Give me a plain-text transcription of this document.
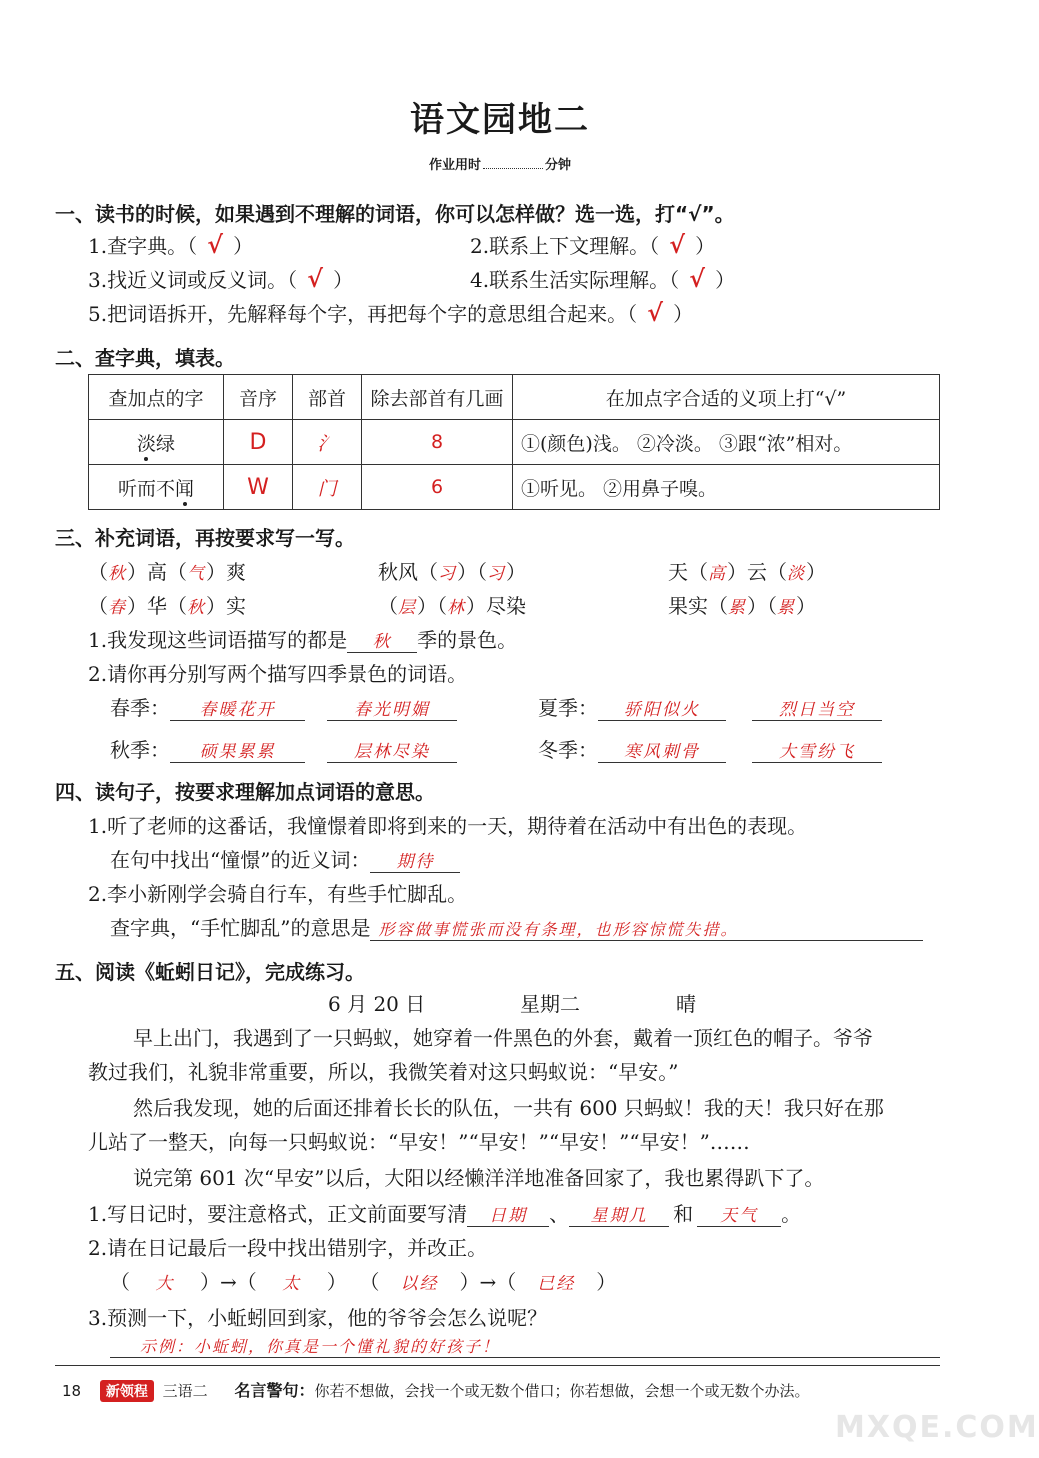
语文园地二
作业用时	分钟
一、读书的时候，如果遇到不理解的词语，你可以怎样做？选一选，打“√”。
1.查字典。（ √ ）	2.联系上下文理解。（ √ ）
3.找近义词或反义词。（ √ ）	4.联系生活实际理解。（ √ ）
5.把词语拆开，先解释每个字，再把每个字的意思组合起来。（ √ ）
二、查字典，填表。
查加点的字	音序	部首	除去部首有几画	在加点字合适的义项上打“√”
淡绿	D	氵	8	①(颜色)浅。 ②冷淡。 ③跟“浓”相对。
听而不闻	W	门	6	①听见。 ②用鼻子嗅。
三、补充词语，再按要求写一写。
（秋）高（气）爽	秋风（习）（习）	天（高）云（淡）
（春）华（秋）实	（层）（林）尽染	果实（累）（累）
1.我发现这些词语描写的都是 秋 季的景色。
2.请你再分别写两个描写四季景色的词语。
春季： 春暖花开	春光明媚	夏季： 骄阳似火	烈日当空
秋季： 硕果累累	层林尽染	冬季： 寒风刺骨	大雪纷飞
四、读句子，按要求理解加点词语的意思。
1.听了老师的这番话，我憧憬着即将到来的一天，期待着在活动中有出色的表现。
在句中找出“憧憬”的近义词： 期待
2.李小新刚学会骑自行车，有些手忙脚乱。
查字典，“手忙脚乱”的意思是 形容做事慌张而没有条理，也形容惊慌失措。
五、阅读《蚯蚓日记》，完成练习。
6 月 20 日	星期二	晴
早上出门，我遇到了一只蚂蚁，她穿着一件黑色的外套，戴着一顶红色的帽子。爷爷
教过我们，礼貌非常重要，所以，我微笑着对这只蚂蚁说：“早安。”
然后我发现，她的后面还排着长长的队伍，一共有 600 只蚂蚁！我的天！我只好在那
儿站了一整天，向每一只蚂蚁说：“早安！”“早安！”“早安！”“早安！”……
说完第 601 次“早安”以后，大阳以经懒洋洋地准备回家了，我也累得趴下了。
1.写日记时，要注意格式，正文前面要写清 日期 、 星期几 和 天气 。
2.请在日记最后一段中找出错别字，并改正。
（ 大 ）→（ 太 ）  （ 以经 ）→（ 已经 ）
3.预测一下，小蚯蚓回到家，他的爷爷会怎么说呢？
示例：小蚯蚓，你真是一个懂礼貌的好孩子！
18 新领程 三语二 名言警句：你若不想做，会找一个或无数个借口；你若想做，会想一个或无数个办法。
MXQE.COM
